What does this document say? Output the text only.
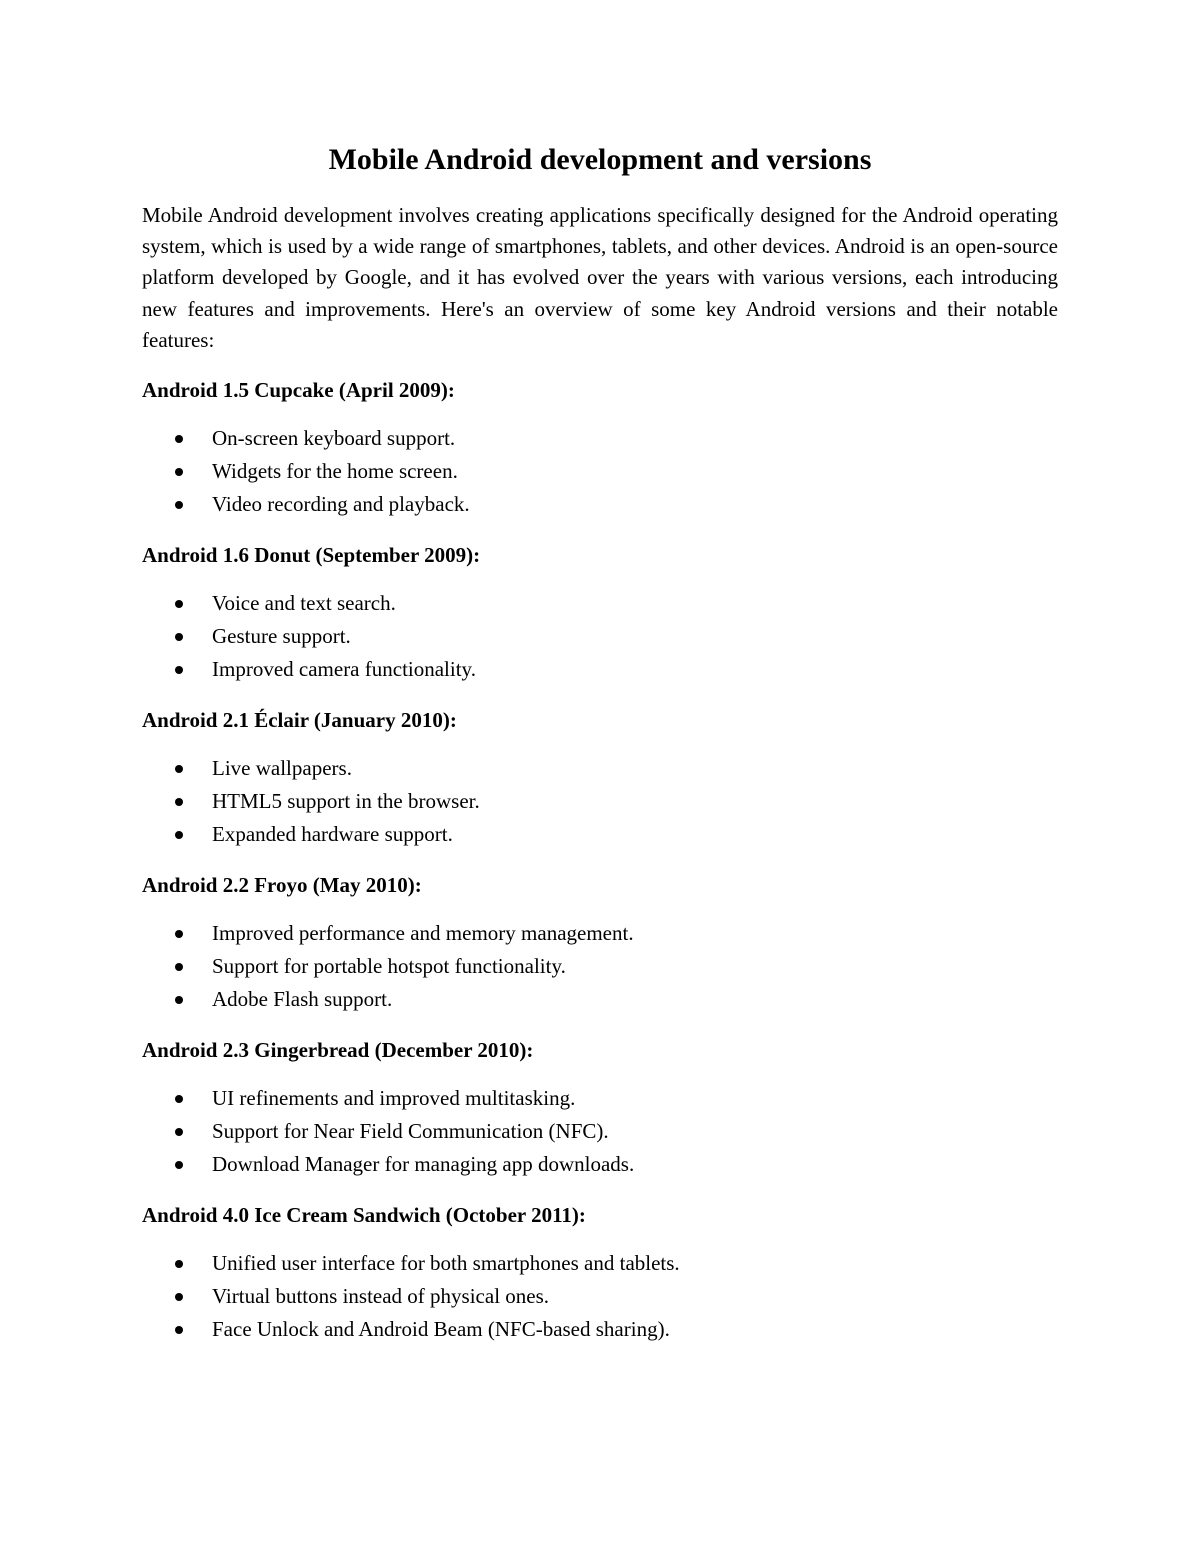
Mobile Android development and versions

Mobile Android development involves creating applications specifically designed for the Android operating system, which is used by a wide range of smartphones, tablets, and other devices. Android is an open-source platform developed by Google, and it has evolved over the years with various versions, each introducing new features and improvements. Here's an overview of some key Android versions and their notable features:

Android 1.5 Cupcake (April 2009):

On-screen keyboard support.
Widgets for the home screen.
Video recording and playback.

Android 1.6 Donut (September 2009):

Voice and text search.
Gesture support.
Improved camera functionality.

Android 2.1 Éclair (January 2010):

Live wallpapers.
HTML5 support in the browser.
Expanded hardware support.

Android 2.2 Froyo (May 2010):

Improved performance and memory management.
Support for portable hotspot functionality.
Adobe Flash support.

Android 2.3 Gingerbread (December 2010):

UI refinements and improved multitasking.
Support for Near Field Communication (NFC).
Download Manager for managing app downloads.

Android 4.0 Ice Cream Sandwich (October 2011):

Unified user interface for both smartphones and tablets.
Virtual buttons instead of physical ones.
Face Unlock and Android Beam (NFC-based sharing).
